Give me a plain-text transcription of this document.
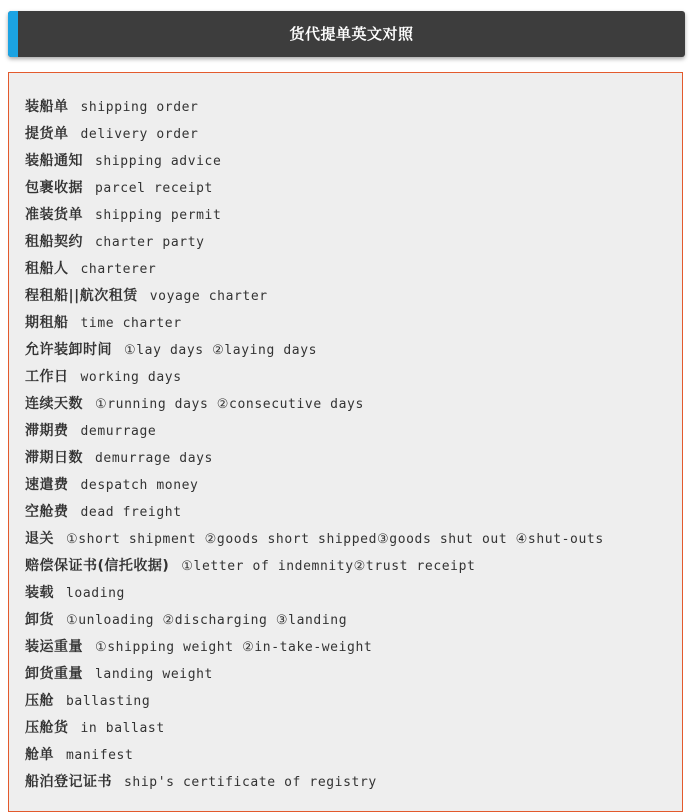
货代提单英文对照
装船单 shipping order
提货单 delivery order
装船通知 shipping advice
包裹收据 parcel receipt
准装货单 shipping permit
租船契约 charter party
租船人 charterer
程租船||航次租赁 voyage charter
期租船 time charter
允许装卸时间 ①lay days ②laying days
工作日 working days
连续天数 ①running days ②consecutive days
滞期费 demurrage
滞期日数 demurrage days
速遣费 despatch money
空舱费 dead freight
退关 ①short shipment ②goods short shipped③goods shut out ④shut-outs
赔偿保证书(信托收据) ①letter of indemnity②trust receipt
装载 loading
卸货 ①unloading ②discharging ③landing
装运重量 ①shipping weight ②in-take-weight
卸货重量 landing weight
压舱 ballasting
压舱货 in ballast
舱单 manifest
船泊登记证书 ship's certificate of registry
